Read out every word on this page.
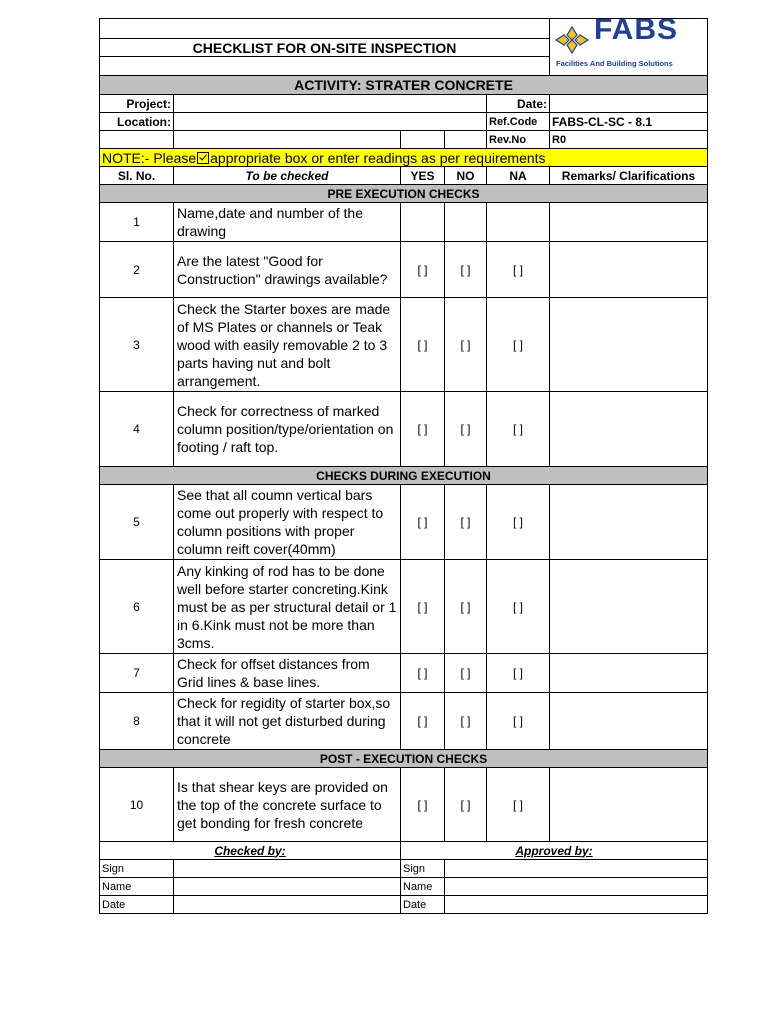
					FABS
Facilities And Building Solutions

CHECKLIST FOR ON-SITE INSPECTION					

ACTIVITY: STRATER CONCRETE					
Project:				Date:	
Location:				Ref.Code	FABS-CL-SC - 8.1
				Rev.No	R0
NOTE:- Please appropriate box or enter readings as per requirements					
Sl. No.	To be checked	YES	NO	NA	Remarks/ Clarifications
PRE EXECUTION CHECKS					
1	Name,date and number of the drawing				
2	Are the latest "Good for Construction" drawings available?	[ ]	[ ]	[ ]	
3	Check the Starter boxes are made of MS Plates or channels or Teak wood with easily removable 2 to 3 parts having nut and bolt arrangement.	[ ]	[ ]	[ ]	
4	Check for correctness of marked column position/type/orientation on footing / raft top.	[ ]	[ ]	[ ]	
CHECKS DURING EXECUTION					
5	See that all coumn vertical bars come out properly with respect to column positions with proper column reift cover(40mm)	[ ]	[ ]	[ ]	
6	Any kinking of rod has to be done well before starter concreting.Kink must be as per structural detail or 1 in 6.Kink must not be more than 3cms.	[ ]	[ ]	[ ]	
7	Check for offset distances from Grid lines & base lines.	[ ]	[ ]	[ ]	
8	Check for regidity of starter box,so that it will not get disturbed during concrete	[ ]	[ ]	[ ]	
POST - EXECUTION CHECKS					
10	Is that shear keys are provided on the top of the concrete surface to get bonding for fresh concrete	[ ]	[ ]	[ ]	
Checked by:		Approved by:			
Sign		Sign			
Name		Name			
Date		Date			
